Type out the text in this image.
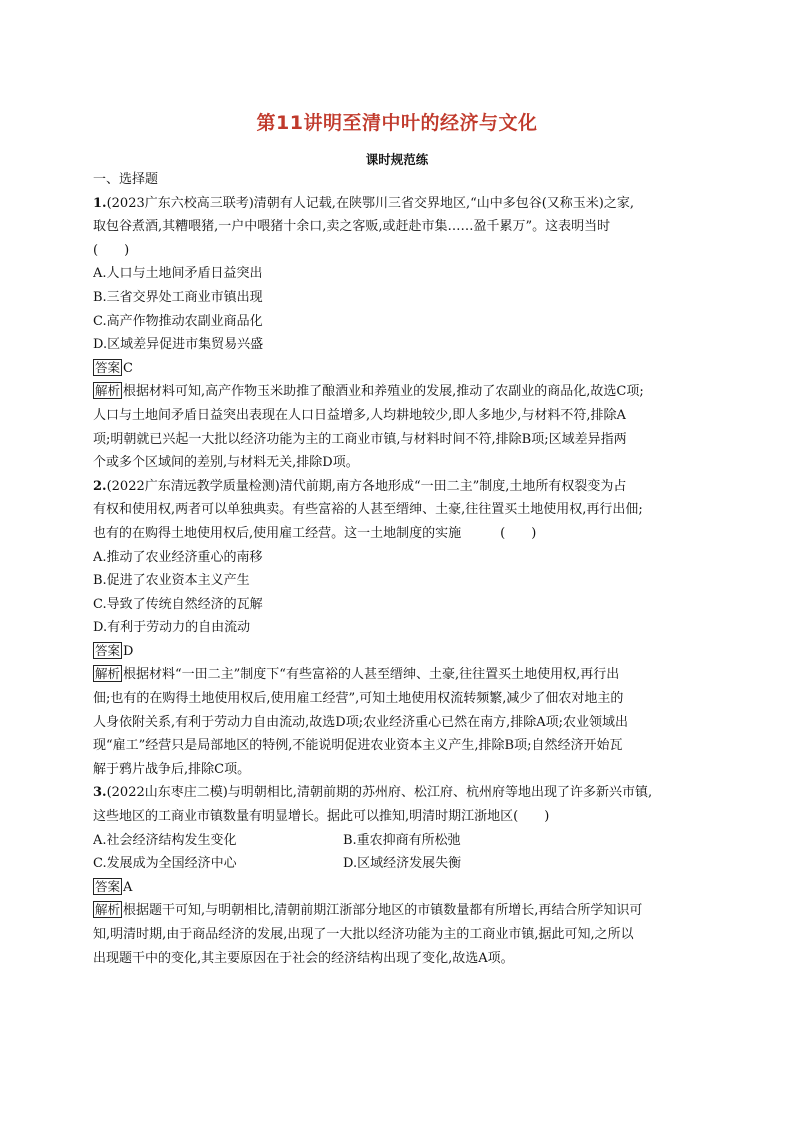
第11讲明至清中叶的经济与文化
课时规范练
一、选择题
1.(2023广东六校高三联考)清朝有人记载,在陕鄂川三省交界地区,“山中多包谷(又称玉米)之家,
取包谷煮酒,其糟喂猪,一户中喂猪十余口,卖之客贩,或赶赴市集……盈千累万”。这表明当时
(　　)
A.人口与土地间矛盾日益突出
B.三省交界处工商业市镇出现
C.高产作物推动农副业商品化
D.区域差异促进市集贸易兴盛
答案 C
解析 根据材料可知,高产作物玉米助推了酿酒业和养殖业的发展,推动了农副业的商品化,故选C项;
人口与土地间矛盾日益突出表现在人口日益增多,人均耕地较少,即人多地少,与材料不符,排除A
项;明朝就已兴起一大批以经济功能为主的工商业市镇,与材料时间不符,排除B项;区域差异指两
个或多个区域间的差别,与材料无关,排除D项。
2.(2022广东清远教学质量检测)清代前期,南方各地形成“一田二主”制度,土地所有权裂变为占
有权和使用权,两者可以单独典卖。有些富裕的人甚至缙绅、土豪,往往置买土地使用权,再行出佃;
也有的在购得土地使用权后,使用雇工经营。这一土地制度的实施　　　(　　)
A.推动了农业经济重心的南移
B.促进了农业资本主义产生
C.导致了传统自然经济的瓦解
D.有利于劳动力的自由流动
答案 D
解析 根据材料“一田二主”制度下“有些富裕的人甚至缙绅、土豪,往往置买土地使用权,再行出
佃;也有的在购得土地使用权后,使用雇工经营”,可知土地使用权流转频繁,减少了佃农对地主的
人身依附关系,有利于劳动力自由流动,故选D项;农业经济重心已然在南方,排除A项;农业领域出
现“雇工”经营只是局部地区的特例,不能说明促进农业资本主义产生,排除B项;自然经济开始瓦
解于鸦片战争后,排除C项。
3.(2022山东枣庄二模)与明朝相比,清朝前期的苏州府、松江府、杭州府等地出现了许多新兴市镇,
这些地区的工商业市镇数量有明显增长。据此可以推知,明清时期江浙地区(　　)
A.社会经济结构发生变化	B.重农抑商有所松弛
C.发展成为全国经济中心	D.区域经济发展失衡
答案 A
解析 根据题干可知,与明朝相比,清朝前期江浙部分地区的市镇数量都有所增长,再结合所学知识可
知,明清时期,由于商品经济的发展,出现了一大批以经济功能为主的工商业市镇,据此可知,之所以
出现题干中的变化,其主要原因在于社会的经济结构出现了变化,故选A项。
